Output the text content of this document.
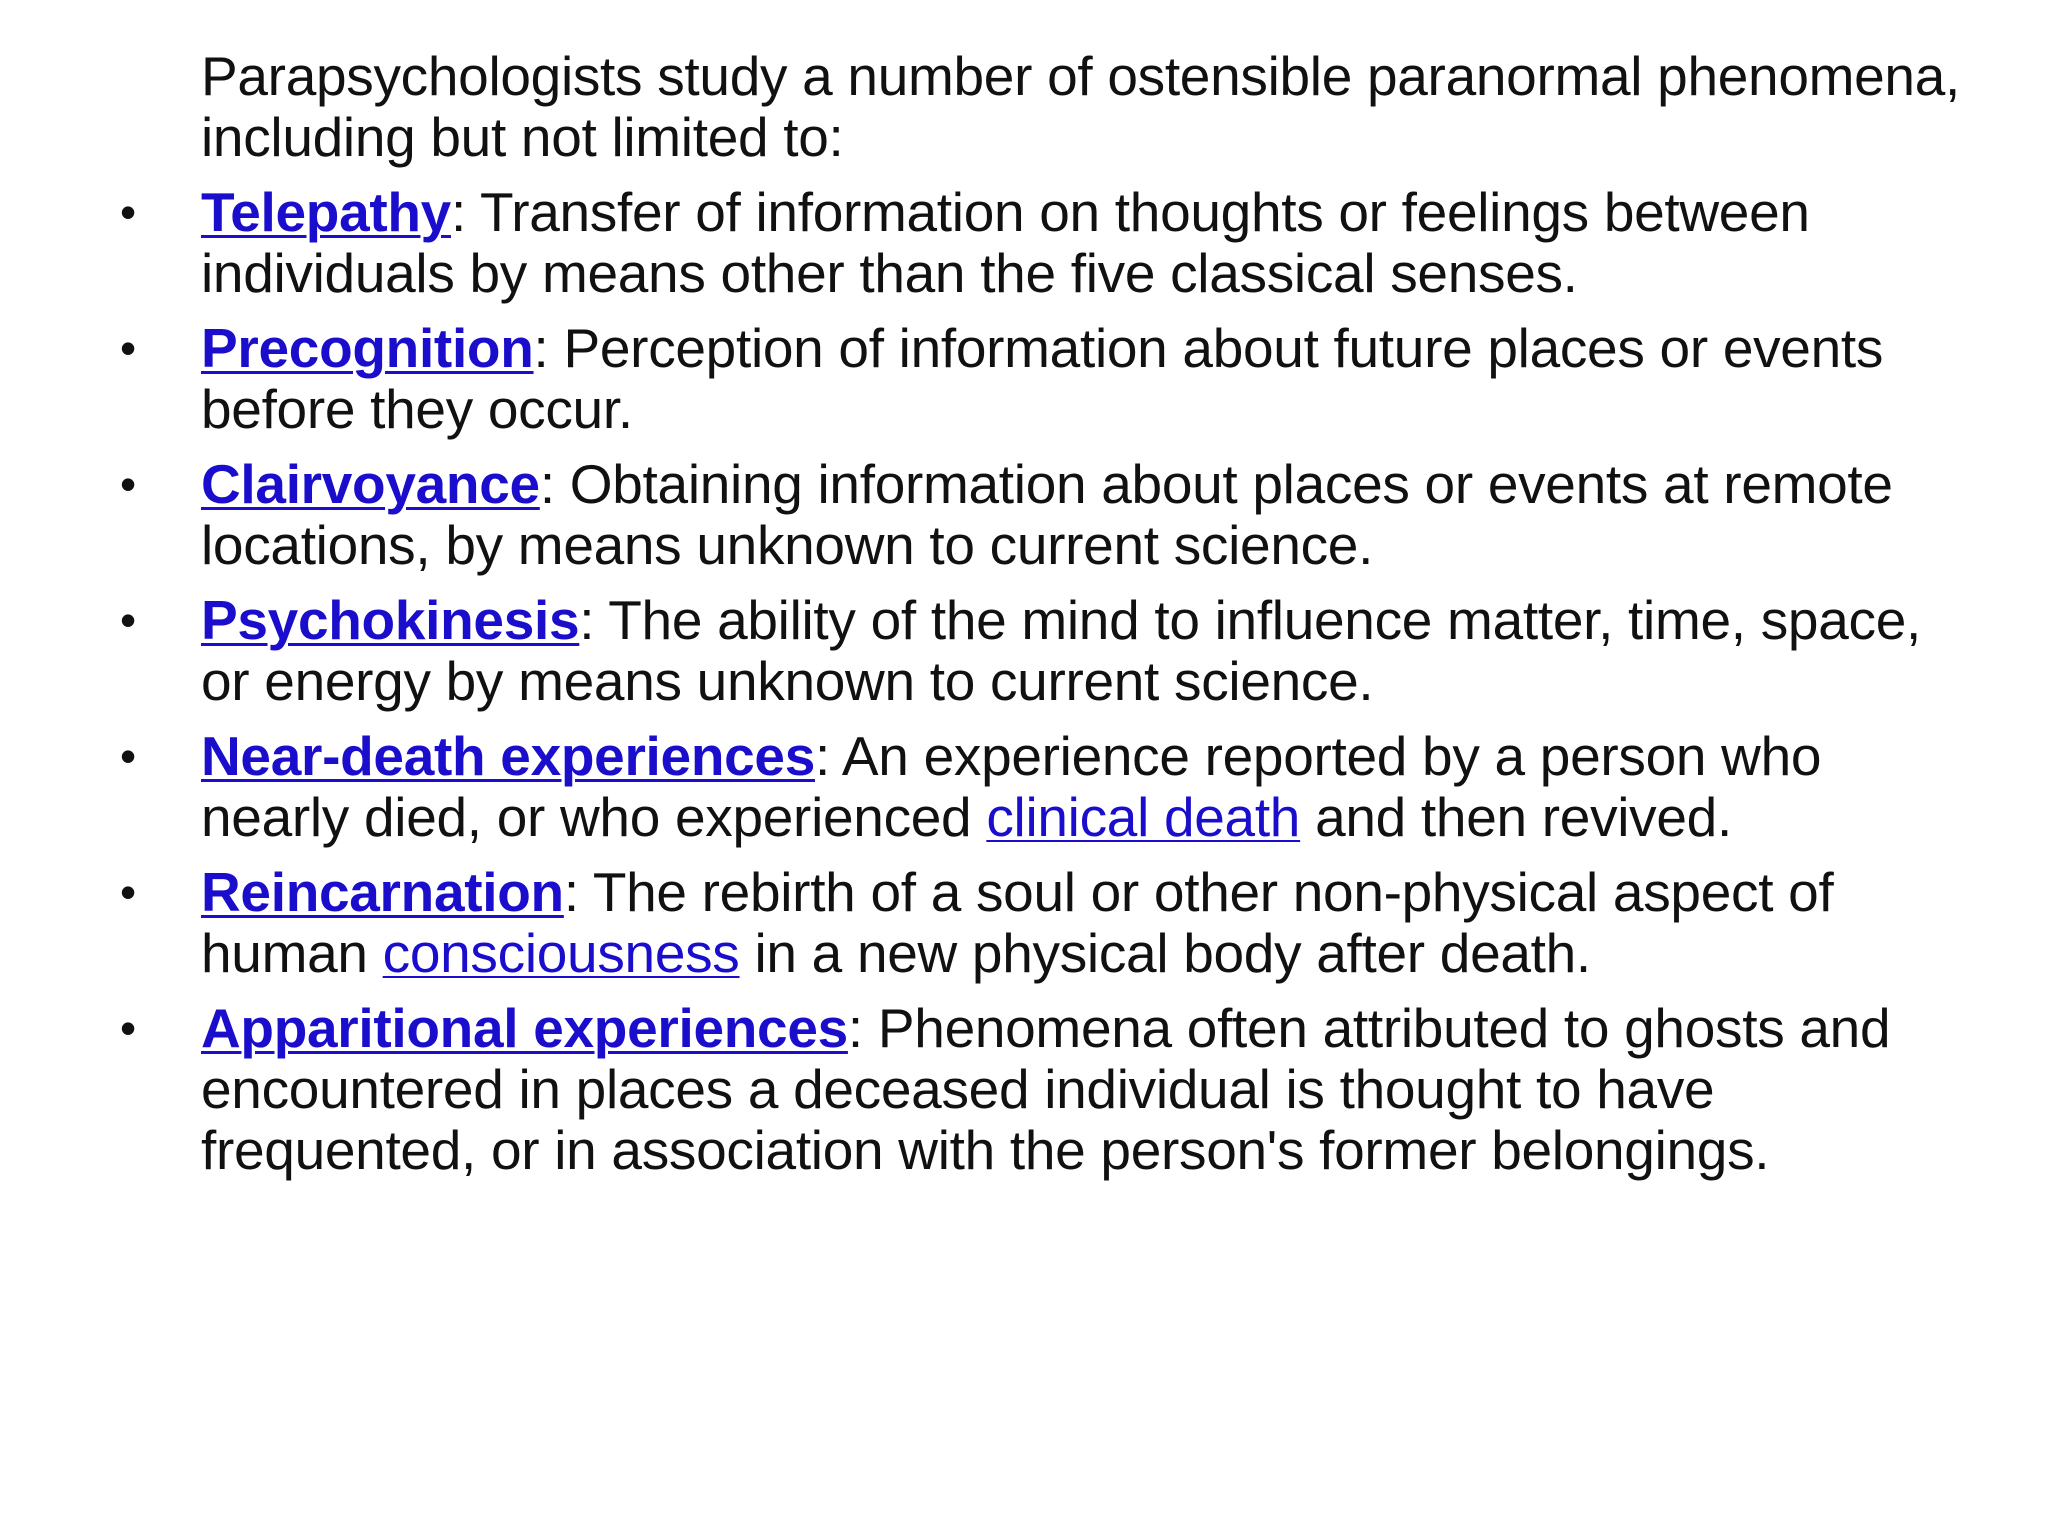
Parapsychologists study a number of ostensible paranormal phenomena, including but not limited to:

•	Telepathy: Transfer of information on thoughts or feelings between individuals by means other than the five classical senses.
•	Precognition: Perception of information about future places or events before they occur.
•	Clairvoyance: Obtaining information about places or events at remote locations, by means unknown to current science.
•	Psychokinesis: The ability of the mind to influence matter, time, space, or energy by means unknown to current science.
•	Near-death experiences: An experience reported by a person who nearly died, or who experienced clinical death and then revived.
•	Reincarnation: The rebirth of a soul or other non-physical aspect of human consciousness in a new physical body after death.
•	Apparitional experiences: Phenomena often attributed to ghosts and encountered in places a deceased individual is thought to have frequented, or in association with the person's former belongings.
